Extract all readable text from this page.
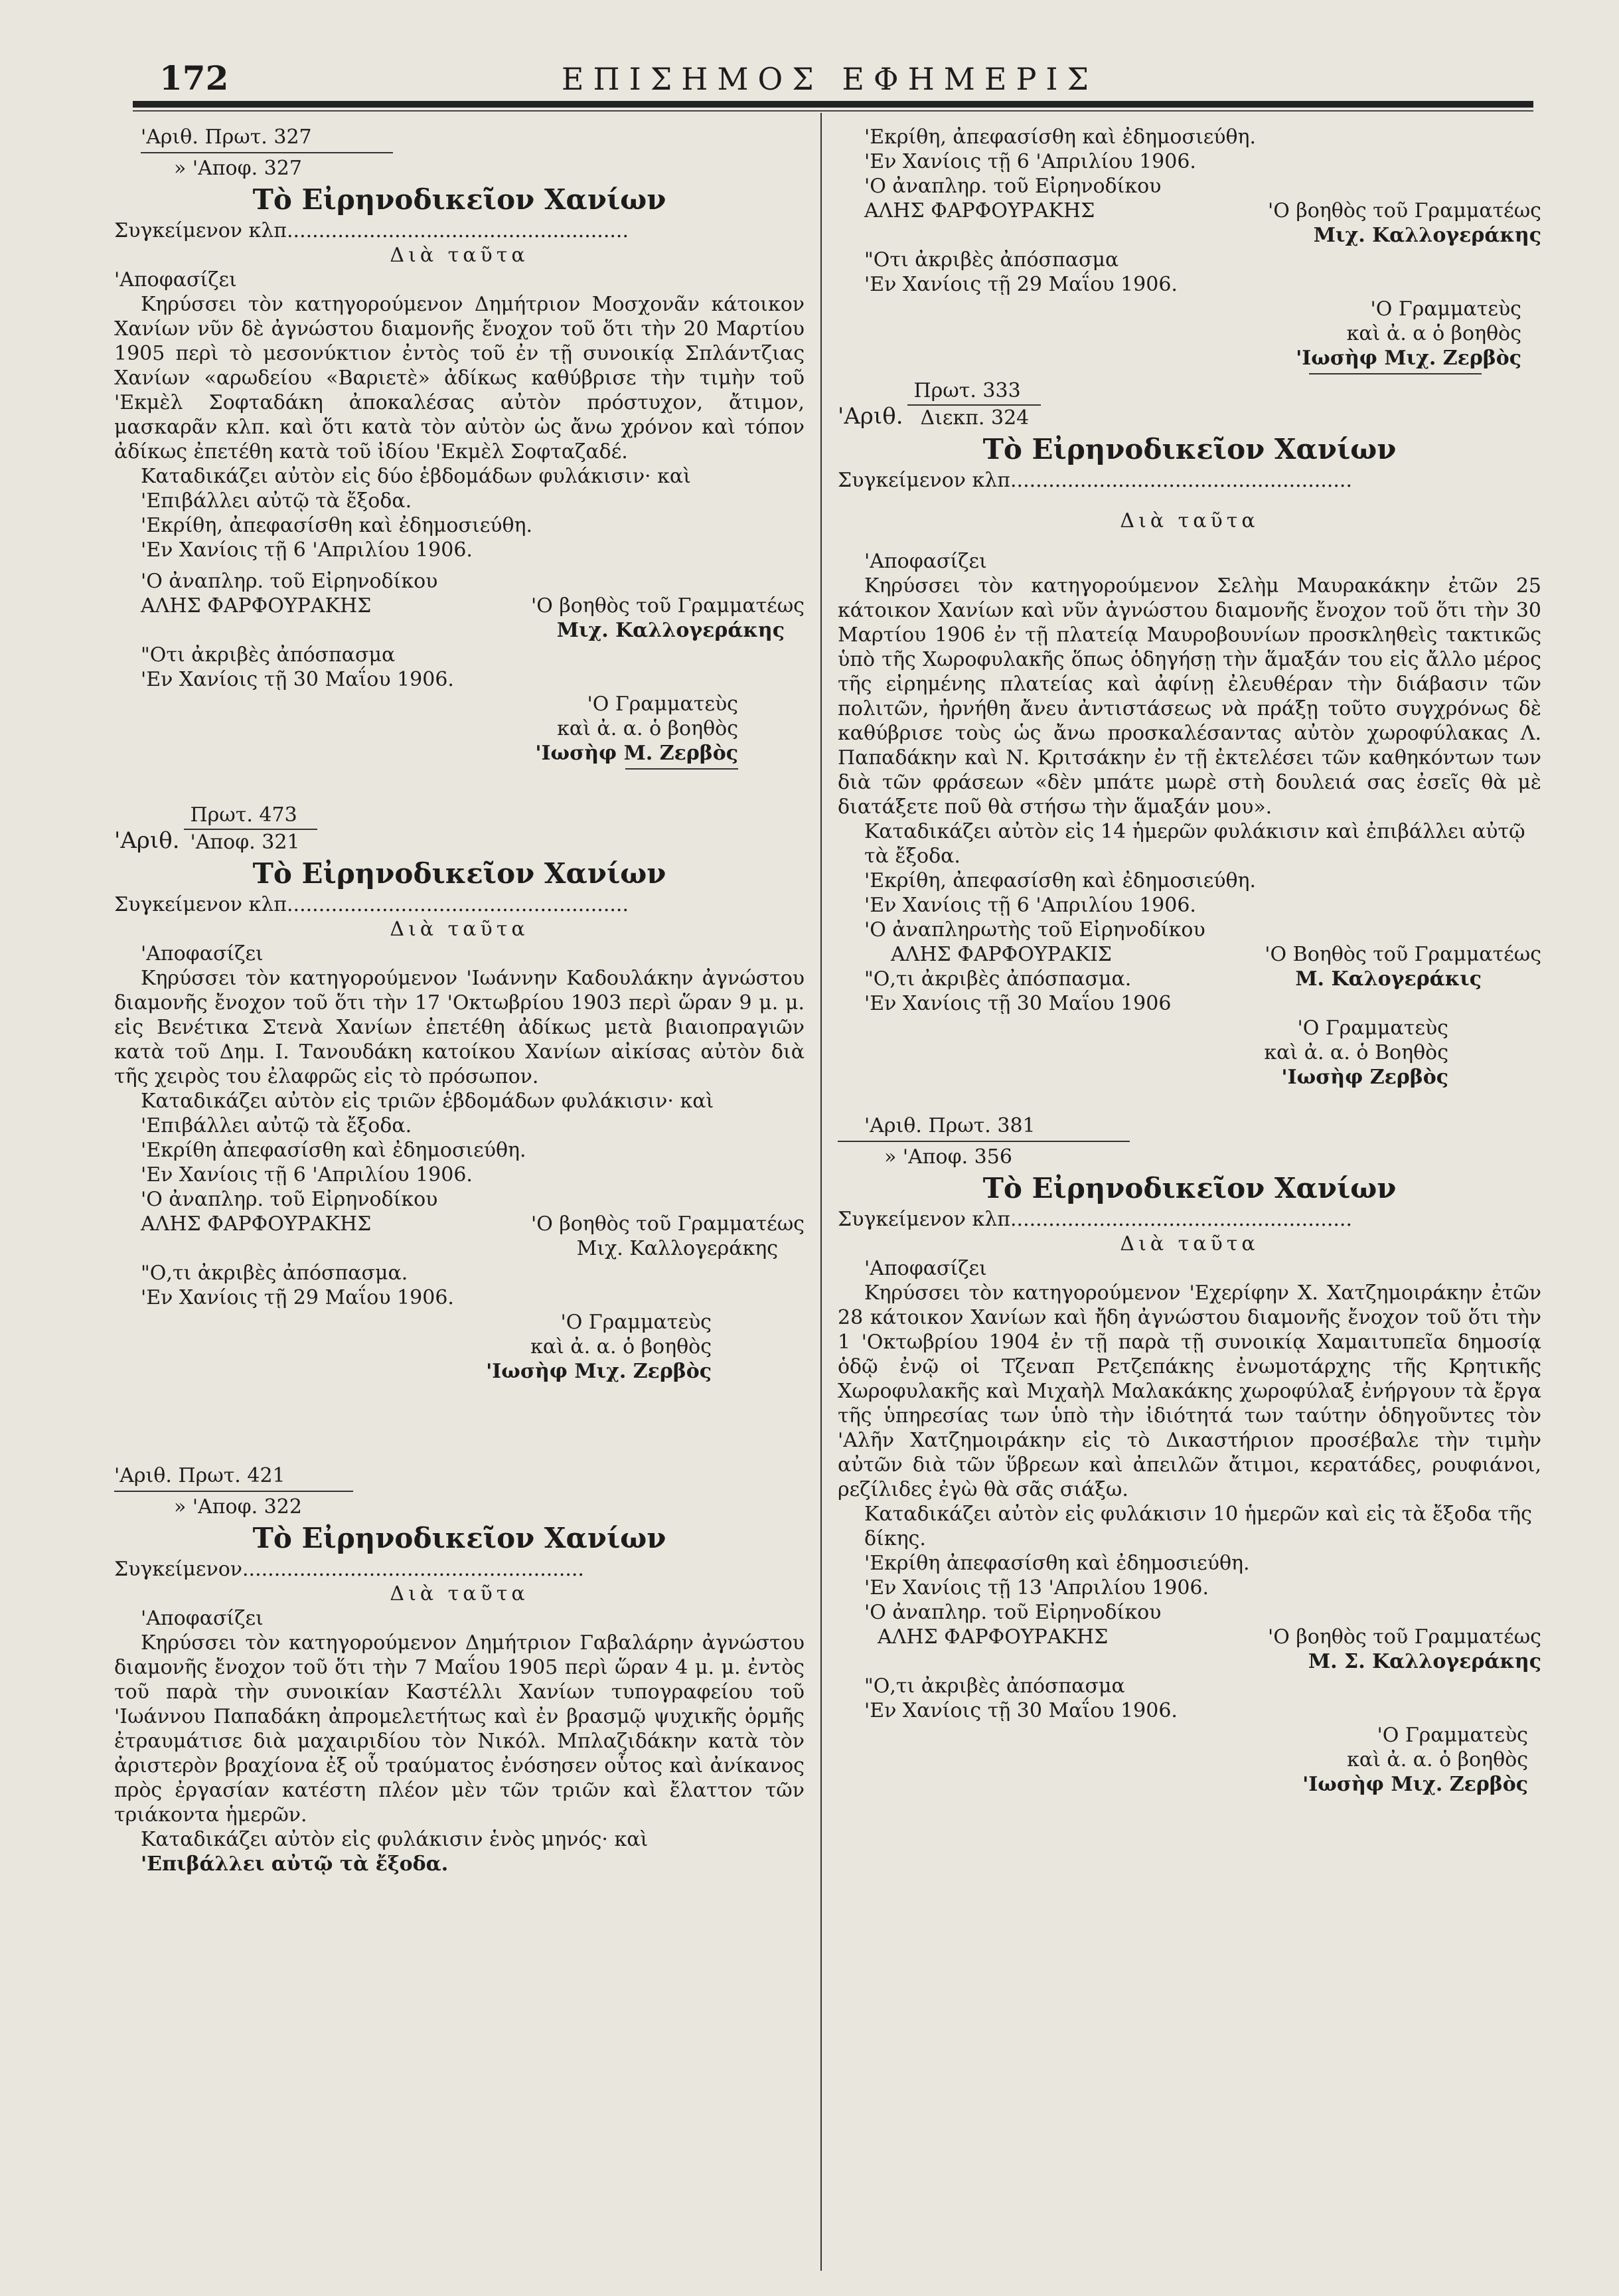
172	ΕΠΙΣΗΜΟΣ ΕΦΗΜΕΡΙΣ

'Αριθ. Πρωτ. 327

» 'Αποφ. 327

Τὸ Εἰρηνοδικεῖον Χανίων

Συγκείμενον κλπ......................................................

Διὰ ταῦτα

'Αποφασίζει

Κηρύσσει τὸν κατηγορούμενον Δημήτριον Μοσχονᾶν κάτοικον Χανίων νῦν δὲ ἀγνώστου διαμονῆς ἔνοχον τοῦ ὅτι τὴν 20 Μαρτίου 1905 περὶ τὸ μεσονύκτιον ἐντὸς τοῦ ἐν τῇ συνοικίᾳ Σπλάντζιας Χανίων «αρωδείου «Βαριετὲ» ἀδίκως καθύβρισε τὴν τιμὴν τοῦ 'Εκμὲλ Σοφταδάκη ἀποκαλέσας αὐτὸν πρόστυχον, ἄτιμον, μασκαρᾶν κλπ. καὶ ὅτι κατὰ τὸν αὐτὸν ὡς ἄνω χρόνον καὶ τόπον ἀδίκως ἐπετέθη κατὰ τοῦ ἰδίου 'Εκμὲλ Σοφταζαδέ.

Καταδικάζει αὐτὸν εἰς δύο ἑβδομάδων φυλάκισιν· καὶ

'Επιβάλλει αὐτῷ τὰ ἔξοδα.

'Εκρίθη, ἀπεφασίσθη καὶ ἐδημοσιεύθη.

'Εν Χανίοις τῇ 6 'Απριλίου 1906.

'Ο ἀναπληρ. τοῦ Εἰρηνοδίκου

ΑΛΗΣ ΦΑΡΦΟΥΡΑΚΗΣ	'Ο βοηθὸς τοῦ Γραμματέως
Μιχ. Καλλογεράκης

"Οτι ἀκριβὲς ἀπόσπασμα

'Εν Χανίοις τῇ 30 Μαΐου 1906.

'Ο Γραμματεὺς

καὶ ἀ. α. ὁ βοηθὸς

'Ιωσὴφ Μ. Ζερβὸς

'Αριθ.
Πρωτ. 473
'Αποφ. 321
Τὸ Εἰρηνοδικεῖον Χανίων

Συγκείμενον κλπ......................................................

Διὰ ταῦτα

'Αποφασίζει

Κηρύσσει τὸν κατηγορούμενον 'Ιωάννην Καδουλάκην ἀγνώστου διαμονῆς ἔνοχον τοῦ ὅτι τὴν 17 'Οκτωβρίου 1903 περὶ ὥραν 9 μ. μ. εἰς Βενέτικα Στενὰ Χανίων ἐπετέθη ἀδίκως μετὰ βιαιοπραγιῶν κατὰ τοῦ Δημ. Ι. Τανουδάκη κατοίκου Χανίων αἰκίσας αὐτὸν διὰ τῆς χειρὸς του ἐλαφρῶς εἰς τὸ πρόσωπον.

Καταδικάζει αὐτὸν εἰς τριῶν ἑβδομάδων φυλάκισιν· καὶ

'Επιβάλλει αὐτῷ τὰ ἔξοδα.

'Εκρίθη ἀπεφασίσθη καὶ ἐδημοσιεύθη.

'Εν Χανίοις τῇ 6 'Απριλίου 1906.

'Ο ἀναπληρ. τοῦ Εἰρηνοδίκου

ΑΛΗΣ ΦΑΡΦΟΥΡΑΚΗΣ	'Ο βοηθὸς τοῦ Γραμματέως
Μιχ. Καλλογεράκης

"Ο,τι ἀκριβὲς ἀπόσπασμα.

'Εν Χανίοις τῇ 29 Μαΐου 1906.

'Ο Γραμματεὺς

καὶ ἀ. α. ὁ βοηθὸς

'Ιωσὴφ Μιχ. Ζερβὸς

'Αριθ. Πρωτ. 421

» 'Αποφ. 322

Τὸ Εἰρηνοδικεῖον Χανίων

Συγκείμενον......................................................

Διὰ ταῦτα

'Αποφασίζει

Κηρύσσει τὸν κατηγορούμενον Δημήτριον Γαβαλάρην ἀγνώστου διαμονῆς ἔνοχον τοῦ ὅτι τὴν 7 Μαΐου 1905 περὶ ὥραν 4 μ. μ. ἐντὸς τοῦ παρὰ τὴν συνοικίαν Καστέλλι Χανίων τυπογραφείου τοῦ 'Ιωάννου Παπαδάκη ἀπρομελετήτως καὶ ἐν βρασμῷ ψυχικῆς ὁρμῆς ἐτραυμάτισε διὰ μαχαιριδίου τὸν Νικόλ. Μπλαζιδάκην κατὰ τὸν ἀριστερὸν βραχίονα ἐξ οὗ τραύματος ἐνόσησεν οὗτος καὶ ἀνίκανος πρὸς ἐργασίαν κατέστη πλέον μὲν τῶν τριῶν καὶ ἔλαττον τῶν τριάκοντα ἡμερῶν.

Καταδικάζει αὐτὸν εἰς φυλάκισιν ἑνὸς μηνός· καὶ

'Επιβάλλει αὐτῷ τὰ ἔξοδα.

'Εκρίθη, ἀπεφασίσθη καὶ ἐδημοσιεύθη.

'Εν Χανίοις τῇ 6 'Απριλίου 1906.

'Ο ἀναπληρ. τοῦ Εἰρηνοδίκου

ΑΛΗΣ ΦΑΡΦΟΥΡΑΚΗΣ	'Ο βοηθὸς τοῦ Γραμματέως
Μιχ. Καλλογεράκης

"Οτι ἀκριβὲς ἀπόσπασμα

'Εν Χανίοις τῇ 29 Μαΐου 1906.

'Ο Γραμματεὺς

καὶ ἀ. α ὁ βοηθὸς

'Ιωσὴφ Μιχ. Ζερβὸς

'Αριθ.
Πρωτ. 333
Διεκπ. 324
Τὸ Εἰρηνοδικεῖον Χανίων

Συγκείμενον κλπ......................................................

Διὰ ταῦτα

'Αποφασίζει

Κηρύσσει τὸν κατηγορούμενον Σελὴμ Μαυρακάκην ἐτῶν 25 κάτοικον Χανίων καὶ νῦν ἀγνώστου διαμονῆς ἔνοχον τοῦ ὅτι τὴν 30 Μαρτίου 1906 ἐν τῇ πλατείᾳ Μαυροβουνίων προσκληθεὶς τακτικῶς ὑπὸ τῆς Χωροφυλακῆς ὅπως ὁδηγήσῃ τὴν ἅμαξάν του εἰς ἄλλο μέρος τῆς εἰρημένης πλατείας καὶ ἀφίνῃ ἐλευθέραν τὴν διάβασιν τῶν πολιτῶν, ἠρνήθη ἄνευ ἀντιστάσεως νὰ πράξῃ τοῦτο συγχρόνως δὲ καθύβρισε τοὺς ὡς ἄνω προσκαλέσαντας αὐτὸν χωροφύλακας Λ. Παπαδάκην καὶ Ν. Κριτσάκην ἐν τῇ ἐκτελέσει τῶν καθηκόντων των διὰ τῶν φράσεων «δὲν μπάτε μωρὲ στὴ δουλειά σας ἐσεῖς θὰ μὲ διατάξετε ποῦ θὰ στήσω τὴν ἅμαξάν μου».

Καταδικάζει αὐτὸν εἰς 14 ἡμερῶν φυλάκισιν καὶ ἐπιβάλλει αὐτῷ τὰ ἔξοδα.

'Εκρίθη, ἀπεφασίσθη καὶ ἐδημοσιεύθη.

'Εν Χανίοις τῇ 6 'Απριλίου 1906.

'Ο ἀναπληρωτὴς τοῦ Εἰρηνοδίκου

ΑΛΗΣ ΦΑΡΦΟΥΡΑΚΙΣ	'Ο Βοηθὸς τοῦ Γραμματέως
"Ο,τι ἀκριβὲς ἀπόσπασμα.	Μ. Καλογεράκις

'Εν Χανίοις τῇ 30 Μαΐου 1906

'Ο Γραμματεὺς

καὶ ἀ. α. ὁ Βοηθὸς

'Ιωσὴφ Ζερβὸς

'Αριθ. Πρωτ. 381

» 'Αποφ. 356

Τὸ Εἰρηνοδικεῖον Χανίων

Συγκείμενον κλπ......................................................

Διὰ ταῦτα

'Αποφασίζει

Κηρύσσει τὸν κατηγορούμενον 'Εχερίφην Χ. Χατζημοιράκην ἐτῶν 28 κάτοικον Χανίων καὶ ἤδη ἀγνώστου διαμονῆς ἔνοχον τοῦ ὅτι τὴν 1 'Οκτωβρίου 1904 ἐν τῇ παρὰ τῇ συνοικίᾳ Χαμαιτυπεῖα δημοσίᾳ ὁδῷ ἐνῷ οἱ Τζεναπ Ρετζεπάκης ἐνωμοτάρχης τῆς Κρητικῆς Χωροφυλακῆς καὶ Μιχαὴλ Μαλακάκης χωροφύλαξ ἐνήργουν τὰ ἔργα τῆς ὑπηρεσίας των ὑπὸ τὴν ἰδιότητά των ταύτην ὁδηγοῦντες τὸν 'Αλῆν Χατζημοιράκην εἰς τὸ Δικαστήριον προσέβαλε τὴν τιμὴν αὐτῶν διὰ τῶν ὕβρεων καὶ ἀπειλῶν ἄτιμοι, κερατάδες, ρουφιάνοι, ρεζίλιδες ἐγὼ θὰ σᾶς σιάξω.

Καταδικάζει αὐτὸν εἰς φυλάκισιν 10 ἡμερῶν καὶ εἰς τὰ ἔξοδα τῆς δίκης.

'Εκρίθη ἀπεφασίσθη καὶ ἐδημοσιεύθη.

'Εν Χανίοις τῇ 13 'Απριλίου 1906.

'Ο ἀναπληρ. τοῦ Εἰρηνοδίκου

ΑΛΗΣ ΦΑΡΦΟΥΡΑΚΗΣ	'Ο βοηθὸς τοῦ Γραμματέως
Μ. Σ. Καλλογεράκης

"Ο,τι ἀκριβὲς ἀπόσπασμα

'Εν Χανίοις τῇ 30 Μαΐου 1906.

'Ο Γραμματεὺς

καὶ ἀ. α. ὁ βοηθὸς

'Ιωσὴφ Μιχ. Ζερβὸς
